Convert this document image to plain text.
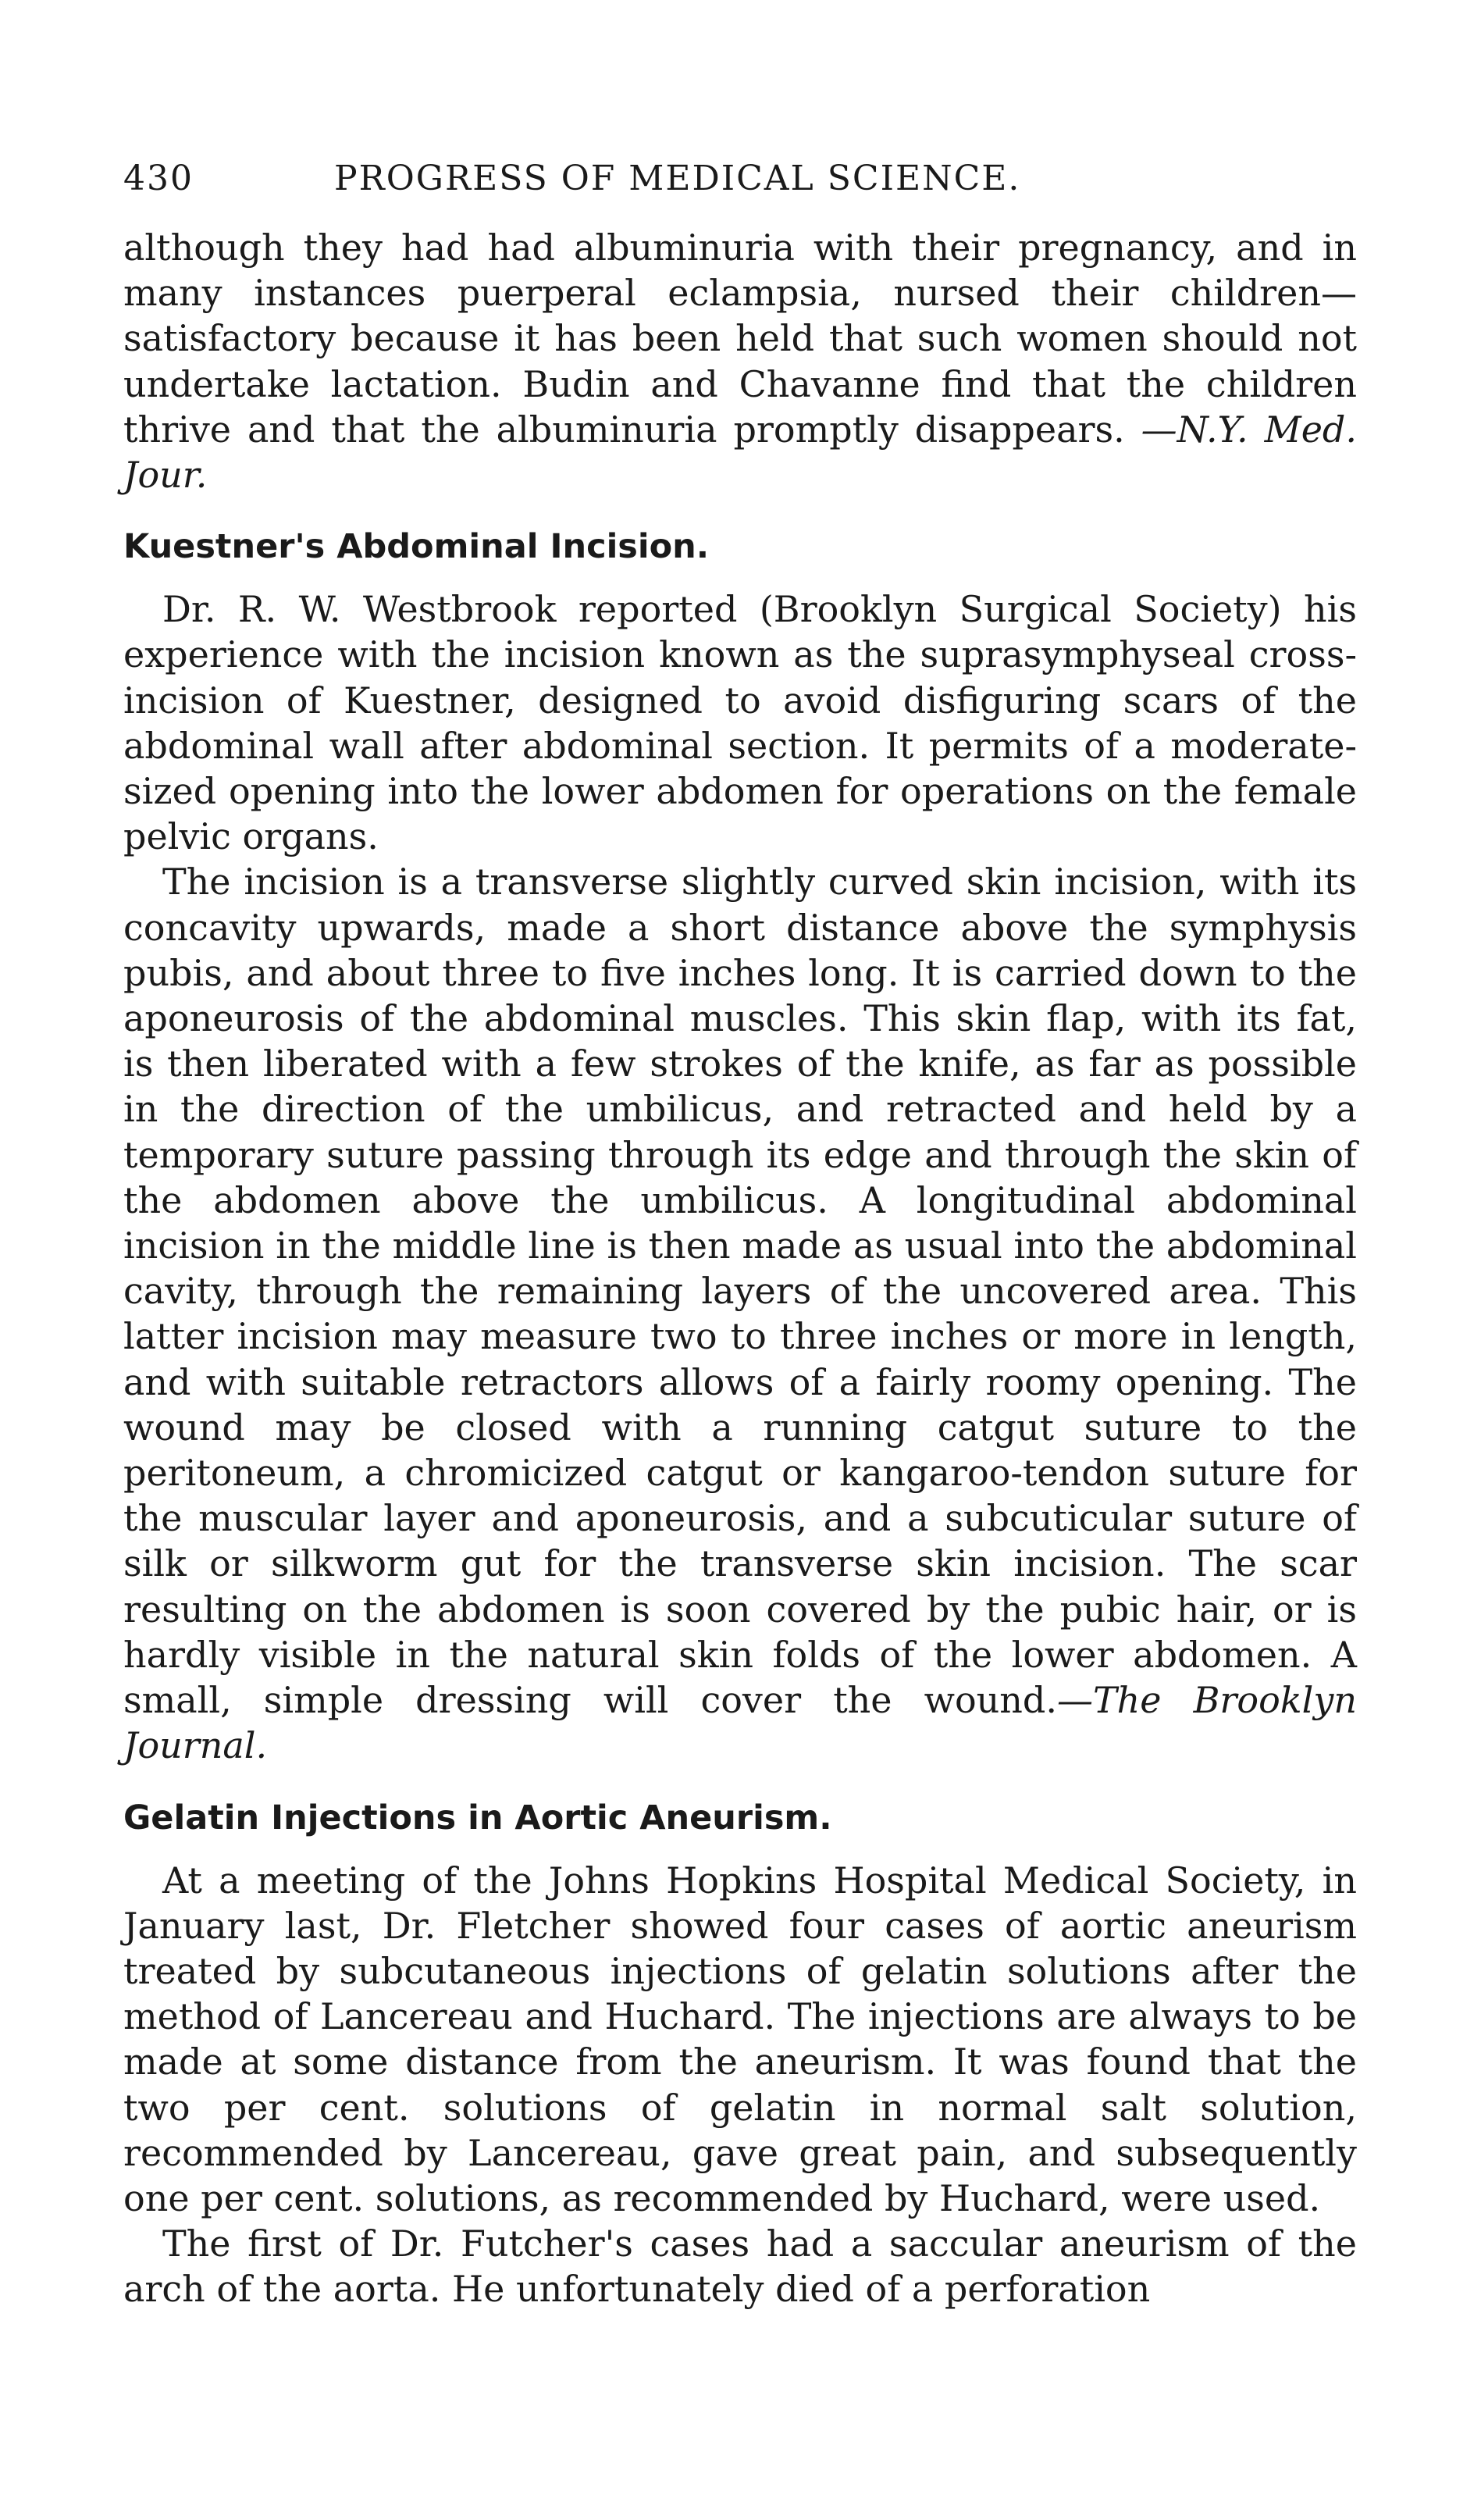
430	PROGRESS OF MEDICAL SCIENCE.

although they had had albuminuria with their pregnancy, and in many instances puerperal eclampsia, nursed their children—satisfactory because it has been held that such women should not undertake lactation. Budin and Chavanne find that the children thrive and that the albuminuria promptly disappears. —N.Y. Med. Jour.

Kuestner's Abdominal Incision.

Dr. R. W. Westbrook reported (Brooklyn Surgical Society) his experience with the incision known as the suprasymphyseal cross-incision of Kuestner, designed to avoid disfiguring scars of the abdominal wall after abdominal section. It permits of a moderate-sized opening into the lower abdomen for operations on the female pelvic organs.

The incision is a transverse slightly curved skin incision, with its concavity upwards, made a short distance above the symphysis pubis, and about three to five inches long. It is carried down to the aponeurosis of the abdominal muscles. This skin flap, with its fat, is then liberated with a few strokes of the knife, as far as possible in the direction of the umbilicus, and retracted and held by a temporary suture passing through its edge and through the skin of the abdomen above the umbilicus. A longitudinal abdominal incision in the middle line is then made as usual into the abdominal cavity, through the remaining layers of the uncovered area. This latter incision may measure two to three inches or more in length, and with suitable retractors allows of a fairly roomy opening. The wound may be closed with a running catgut suture to the peritoneum, a chromicized catgut or kangaroo-tendon suture for the muscular layer and aponeurosis, and a subcuticular suture of silk or silkworm gut for the transverse skin incision. The scar resulting on the abdomen is soon covered by the pubic hair, or is hardly visible in the natural skin folds of the lower abdomen. A small, simple dressing will cover the wound.—The Brooklyn Journal.

Gelatin Injections in Aortic Aneurism.

At a meeting of the Johns Hopkins Hospital Medical Society, in January last, Dr. Fletcher showed four cases of aortic aneurism treated by subcutaneous injections of gelatin solutions after the method of Lancereau and Huchard. The injections are always to be made at some distance from the aneurism. It was found that the two per cent. solutions of gelatin in normal salt solution, recommended by Lancereau, gave great pain, and subsequently one per cent. solutions, as recommended by Huchard, were used.

The first of Dr. Futcher's cases had a saccular aneurism of the arch of the aorta. He unfortunately died of a perforation
